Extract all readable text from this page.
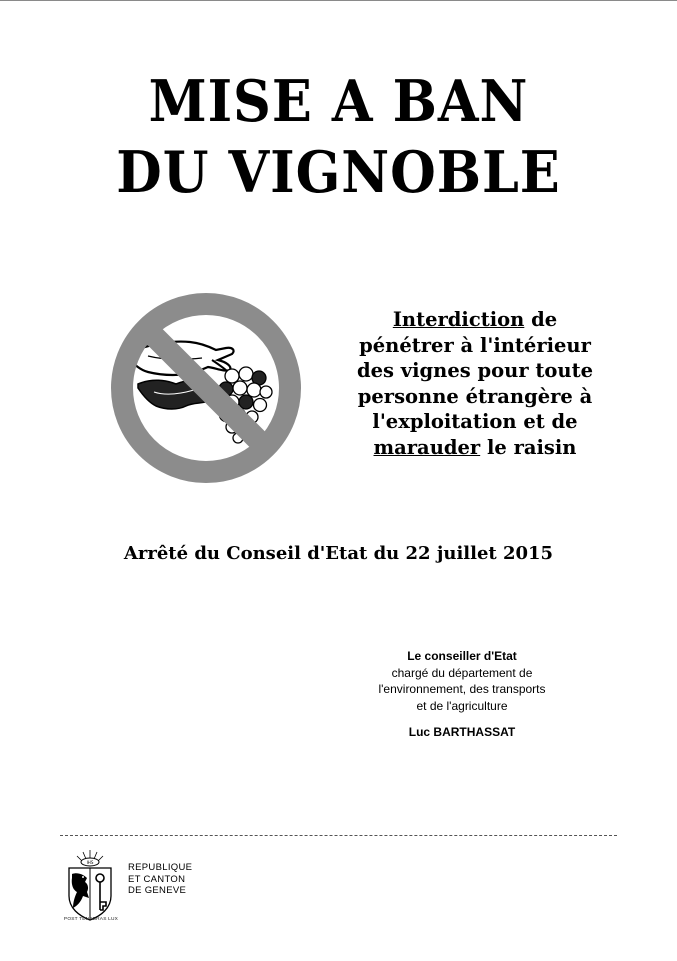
MISE A BAN
DU VIGNOBLE
Interdiction de
pénétrer à l'intérieur
des vignes pour toute
personne étrangère à
l'exploitation et de
marauder le raisin
Arrêté du Conseil d'Etat du 22 juillet 2015
Le conseiller d'Etat
chargé du département de
l'environnement, des transports
et de l'agriculture
Luc BARTHASSAT
IHS
POST TENEBRAS LUX
REPUBLIQUE
ET CANTON
DE GENEVE
